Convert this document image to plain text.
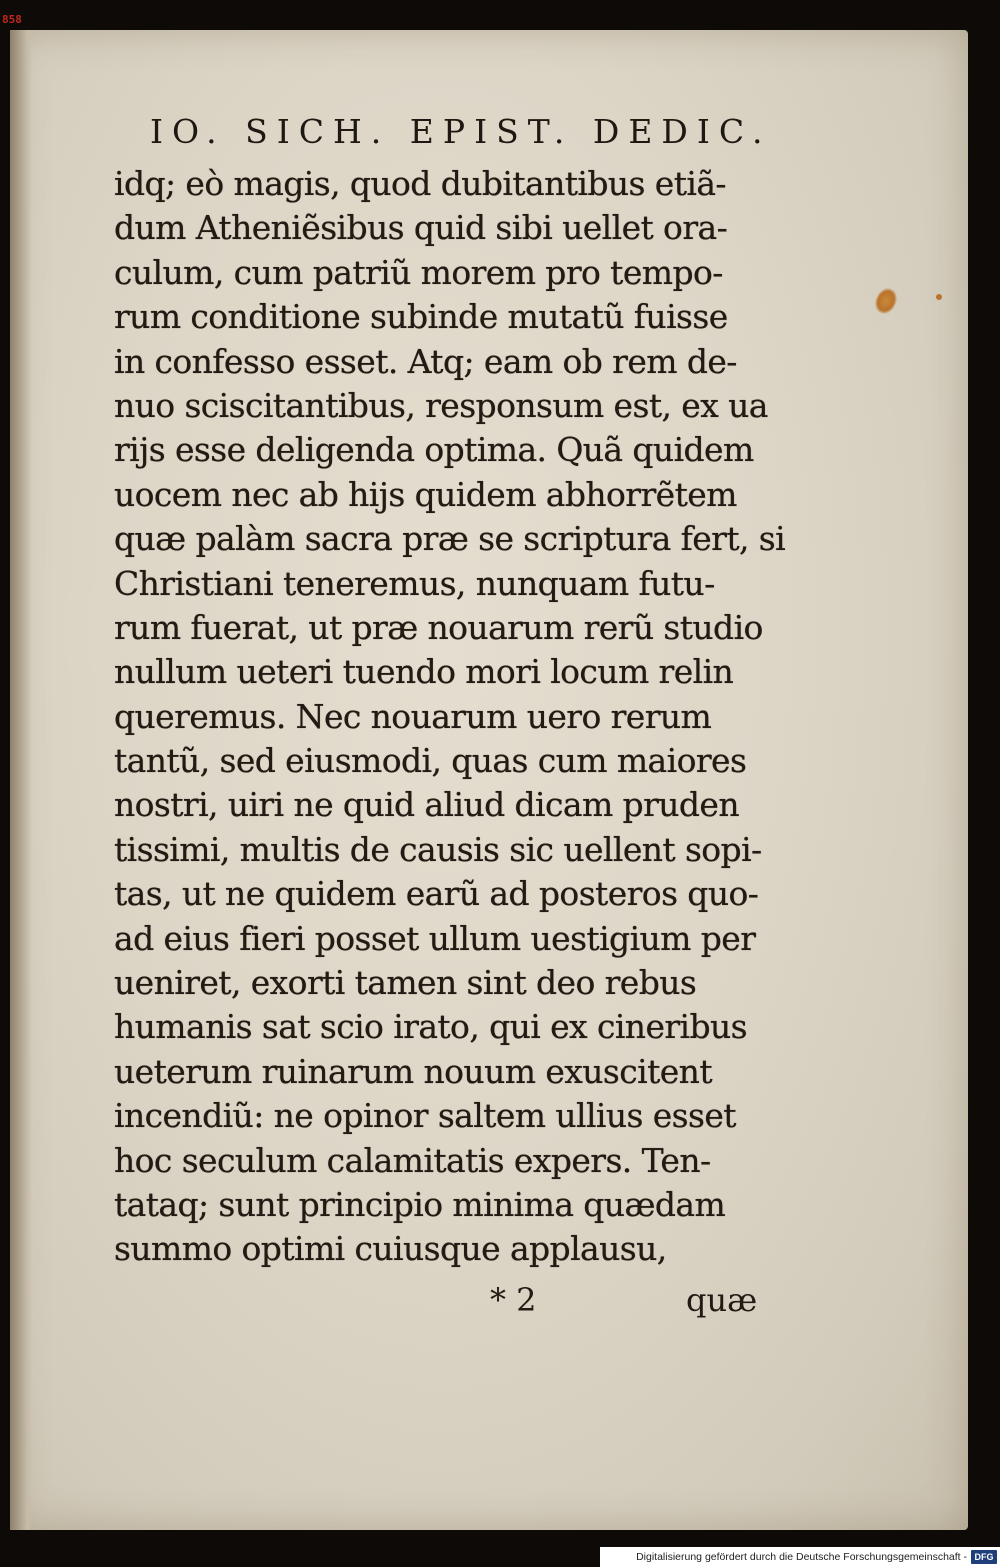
858
IO. SICH. EPIST. DEDIC.
idq; eò magis, quod dubitantibus etiã-
dum Atheniẽsibus quid sibi uellet ora-
culum, cum patriũ morem pro tempo-
rum conditione subinde mutatũ fuisse
in confesso esset. Atq; eam ob rem de-
nuo sciscitantibus, responsum est, ex ua
rijs esse deligenda optima. Quã quidem
uocem nec ab hijs quidem abhorrẽtem
quæ palàm sacra præ se scriptura fert, si
Christiani teneremus, nunquam futu-
rum fuerat, ut præ nouarum rerũ studio
nullum ueteri tuendo mori locum relin
queremus. Nec nouarum uero rerum
tantũ, sed eiusmodi, quas cum maiores
nostri, uiri ne quid aliud dicam pruden
tissimi, multis de causis sic uellent sopi-
tas, ut ne quidem earũ ad posteros quo-
ad eius fieri posset ullum uestigium per
ueniret, exorti tamen sint deo rebus
humanis sat scio irato, qui ex cineribus
ueterum ruinarum nouum exuscitent
incendiũ: ne opinor saltem ullius esset
hoc seculum calamitatis expers. Ten-
tataq; sunt principio minima quædam
summo optimi cuiusque applausu,
* 2	quæ
Digitalisierung gefördert durch die Deutsche Forschungsgemeinschaft - DFG
